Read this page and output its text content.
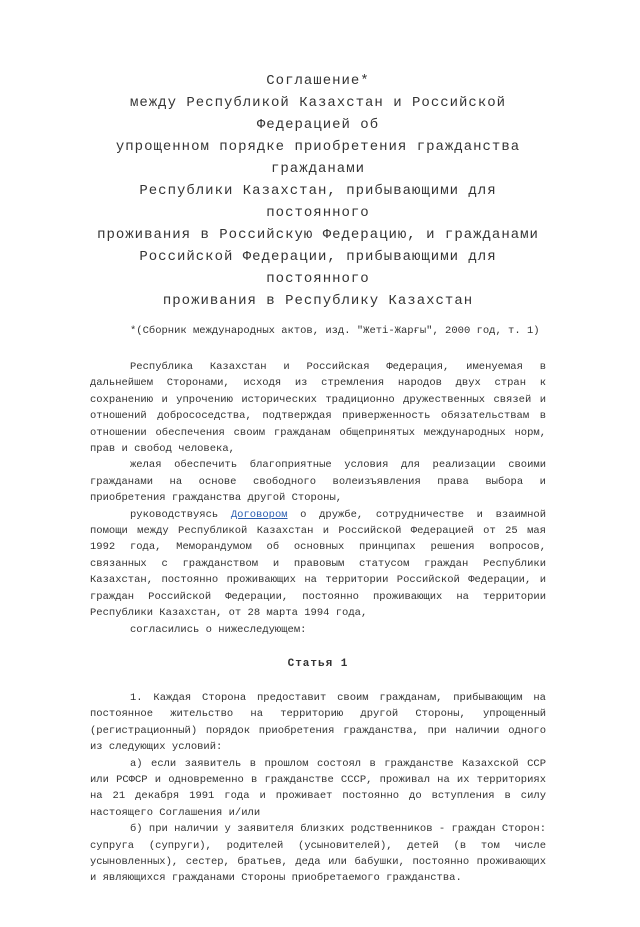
Соглашение*
между Республикой Казахстан и Российской
Федерацией об
упрощенном порядке приобретения гражданства
гражданами
Республики Казахстан, прибывающими для
постоянного
проживания в Российскую Федерацию, и гражданами
Российской Федерации, прибывающими для
постоянного
проживания в Республику Казахстан

*(Сборник международных актов, изд. "Жеті-Жарғы", 2000 год, т. 1)

Республика Казахстан и Российская Федерация, именуемая в дальнейшем Сторонами, исходя из стремления народов двух стран к сохранению и упрочению исторических традиционно дружественных связей и отношений добрососедства, подтверждая приверженность обязательствам в отношении обеспечения своим гражданам общепринятых международных норм, прав и свобод человека,

желая обеспечить благоприятные условия для реализации своими гражданами на основе свободного волеизъявления права выбора и приобретения гражданства другой Стороны,

руководствуясь Договором о дружбе, сотрудничестве и взаимной помощи между Республикой Казахстан и Российской Федерацией от 25 мая 1992 года, Меморандумом об основных принципах решения вопросов, связанных с гражданством и правовым статусом граждан Республики Казахстан, постоянно проживающих на территории Российской Федерации, и граждан Российской Федерации, постоянно проживающих на территории Республики Казахстан, от 28 марта 1994 года,

согласились о нижеследующем:

Статья 1

1. Каждая Сторона предоставит своим гражданам, прибывающим на постоянное жительство на территорию другой Стороны, упрощенный (регистрационный) порядок приобретения гражданства, при наличии одного из следующих условий:

а) если заявитель в прошлом состоял в гражданстве Казахской ССР или РСФСР и одновременно в гражданстве СССР, проживал на их территориях на 21 декабря 1991 года и проживает постоянно до вступления в силу настоящего Соглашения и/или

б) при наличии у заявителя близких родственников - граждан Сторон: супруга (супруги), родителей (усыновителей), детей (в том числе усыновленных), сестер, братьев, деда или бабушки, постоянно проживающих и являющихся гражданами Стороны приобретаемого гражданства.
